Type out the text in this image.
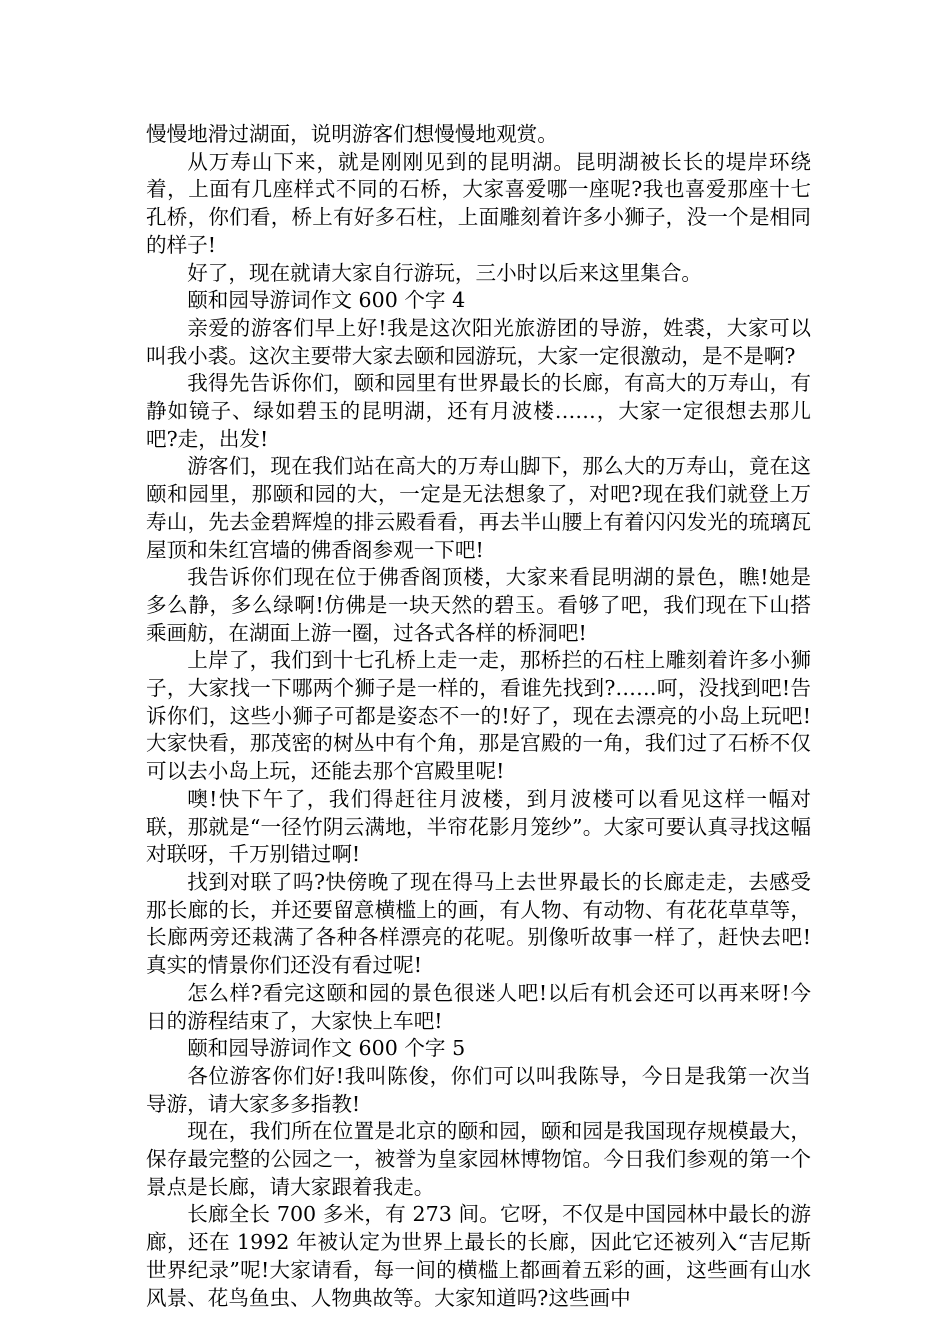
慢慢地滑过湖面，说明游客们想慢慢地观赏。

从万寿山下来，就是刚刚见到的昆明湖。昆明湖被长长的堤岸环绕着，上面有几座样式不同的石桥，大家喜爱哪一座呢?我也喜爱那座十七孔桥，你们看，桥上有好多石柱，上面雕刻着许多小狮子，没一个是相同的样子!

好了，现在就请大家自行游玩，三小时以后来这里集合。

颐和园导游词作文 600 个字 4

亲爱的游客们早上好!我是这次阳光旅游团的导游，姓裘，大家可以叫我小裘。这次主要带大家去颐和园游玩，大家一定很激动，是不是啊?

我得先告诉你们，颐和园里有世界最长的长廊，有高大的万寿山，有静如镜子、绿如碧玉的昆明湖，还有月波楼……，大家一定很想去那儿吧?走，出发!

游客们，现在我们站在高大的万寿山脚下，那么大的万寿山，竟在这颐和园里，那颐和园的大，一定是无法想象了，对吧?现在我们就登上万寿山，先去金碧辉煌的排云殿看看，再去半山腰上有着闪闪发光的琉璃瓦屋顶和朱红宫墙的佛香阁参观一下吧!

我告诉你们现在位于佛香阁顶楼，大家来看昆明湖的景色，瞧!她是多么静，多么绿啊!仿佛是一块天然的碧玉。看够了吧，我们现在下山搭乘画舫，在湖面上游一圈，过各式各样的桥洞吧!

上岸了，我们到十七孔桥上走一走，那桥拦的石柱上雕刻着许多小狮子，大家找一下哪两个狮子是一样的，看谁先找到?……呵，没找到吧!告诉你们，这些小狮子可都是姿态不一的!好了，现在去漂亮的小岛上玩吧!大家快看，那茂密的树丛中有个角，那是宫殿的一角，我们过了石桥不仅可以去小岛上玩，还能去那个宫殿里呢!

噢!快下午了，我们得赶往月波楼，到月波楼可以看见这样一幅对联，那就是“一径竹阴云满地，半帘花影月笼纱”。大家可要认真寻找这幅对联呀，千万别错过啊!

找到对联了吗?快傍晚了现在得马上去世界最长的长廊走走，去感受那长廊的长，并还要留意横槛上的画，有人物、有动物、有花花草草等，长廊两旁还栽满了各种各样漂亮的花呢。别像听故事一样了，赶快去吧!真实的情景你们还没有看过呢!

怎么样?看完这颐和园的景色很迷人吧!以后有机会还可以再来呀!今日的游程结束了，大家快上车吧!

颐和园导游词作文 600 个字 5

各位游客你们好!我叫陈俊，你们可以叫我陈导，今日是我第一次当导游，请大家多多指教!

现在，我们所在位置是北京的颐和园，颐和园是我国现存规模最大，保存最完整的公园之一，被誉为皇家园林博物馆。今日我们参观的第一个景点是长廊，请大家跟着我走。

长廊全长 700 多米，有 273 间。它呀，不仅是中国园林中最长的游廊，还在 1992 年被认定为世界上最长的长廊，因此它还被列入“吉尼斯世界纪录”呢!大家请看，每一间的横槛上都画着五彩的画，这些画有山水风景、花鸟鱼虫、人物典故等。大家知道吗?这些画中
